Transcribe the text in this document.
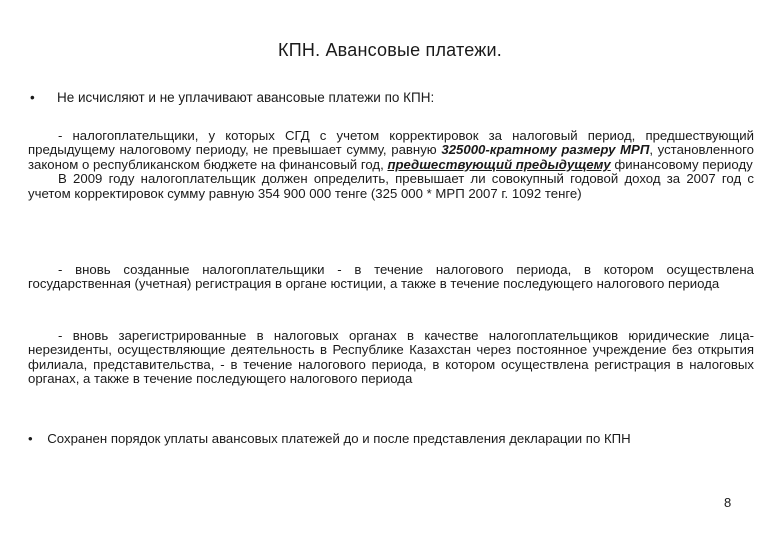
КПН. Авансовые платежи.
• Не исчисляют и не уплачивают авансовые платежи по КПН:
- налогоплательщики, у которых СГД с учетом корректировок за налоговый период, предшествующий предыдущему налоговому периоду, не превышает сумму, равную 325000-кратному размеру МРП, установленного законом о республиканском бюджете на финансовый год, предшествующий предыдущему финансовому периоду
В 2009 году налогоплательщик должен определить, превышает ли совокупный годовой доход за 2007 год с учетом корректировок сумму равную 354 900 000 тенге (325 000 * МРП 2007 г. 1092 тенге)
- вновь созданные налогоплательщики - в течение налогового периода, в котором осуществлена государственная (учетная) регистрация в органе юстиции, а также в течение последующего налогового периода
- вновь зарегистрированные в налоговых органах в качестве налогоплательщиков юридические лица-нерезиденты, осуществляющие деятельность в Республике Казахстан через постоянное учреждение без открытия филиала, представительства, - в течение налогового периода, в котором осуществлена регистрация в налоговых органах, а также в течение последующего налогового периода
• Сохранен порядок уплаты авансовых платежей до и после представления декларации по КПН
8
